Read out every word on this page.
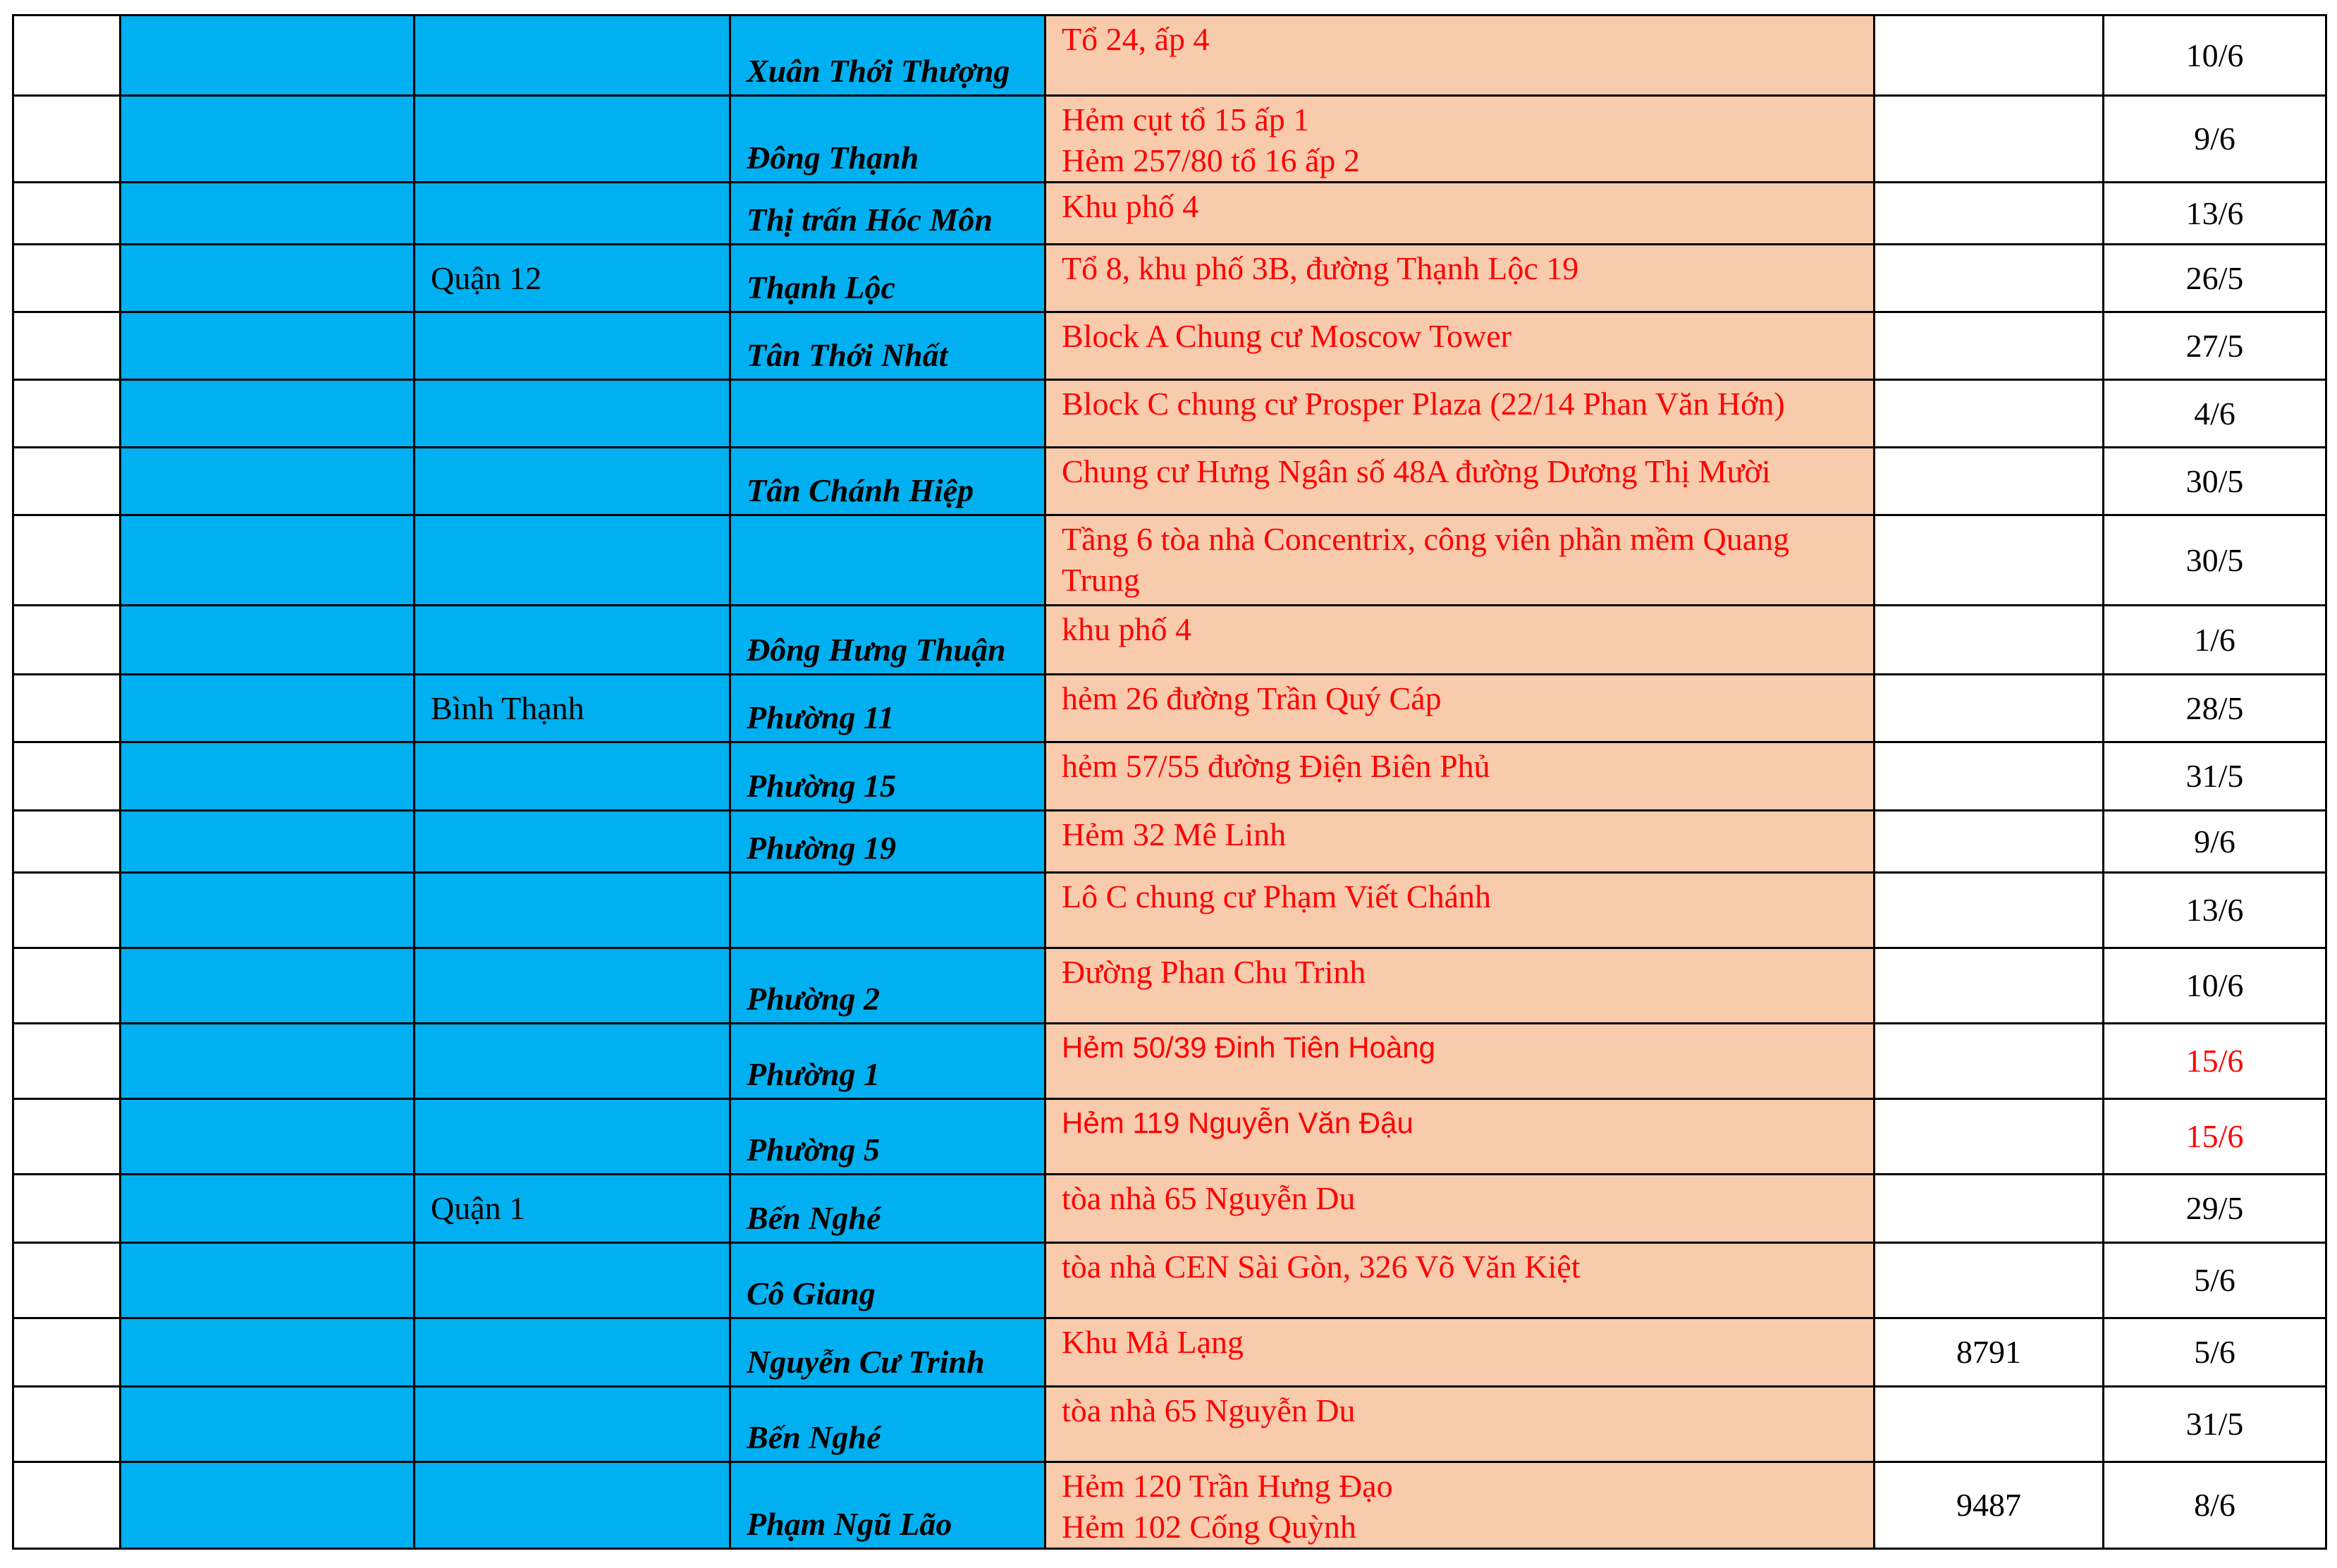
			Xuân Thới Thượng	Tổ 24, ấp 4		10/6
			Đông Thạnh	Hẻm cụt tổ 15 ấp 1
Hẻm 257/80 tổ 16 ấp 2		9/6
			Thị trấn Hóc Môn	Khu phố 4		13/6
		Quận 12	Thạnh Lộc	Tổ 8, khu phố 3B, đường Thạnh Lộc 19		26/5
			Tân Thới Nhất	Block A Chung cư Moscow Tower		27/5

				Block C chung cư Prosper Plaza (22/14 Phan Văn Hớn)		4/6
			Tân Chánh Hiệp	Chung cư Hưng Ngân số 48A đường Dương Thị Mười		30/5

				Tầng 6 tòa nhà Concentrix, công viên phần mềm Quang Trung		30/5
			Đông Hưng Thuận	khu phố 4		1/6
		Bình Thạnh	Phường 11	hẻm 26 đường Trần Quý Cáp		28/5
			Phường 15	hẻm 57/55 đường Điện Biên Phủ		31/5
			Phường 19	Hẻm 32 Mê Linh		9/6

				Lô C chung cư Phạm Viết Chánh		13/6
			Phường 2	Đường Phan Chu Trinh		10/6
			Phường 1	Hẻm 50/39 Đinh Tiên Hoàng		15/6
			Phường 5	Hẻm 119 Nguyễn Văn Đậu		15/6
		Quận 1	Bến Nghé	tòa nhà 65 Nguyễn Du		29/5
			Cô Giang	tòa nhà CEN Sài Gòn, 326 Võ Văn Kiệt		5/6
			Nguyễn Cư Trinh	Khu Mả Lạng	8791	5/6
			Bến Nghé	tòa nhà 65 Nguyễn Du		31/5
			Phạm Ngũ Lão	Hẻm 120 Trần Hưng Đạo
Hẻm 102 Cống Quỳnh	9487	8/6
